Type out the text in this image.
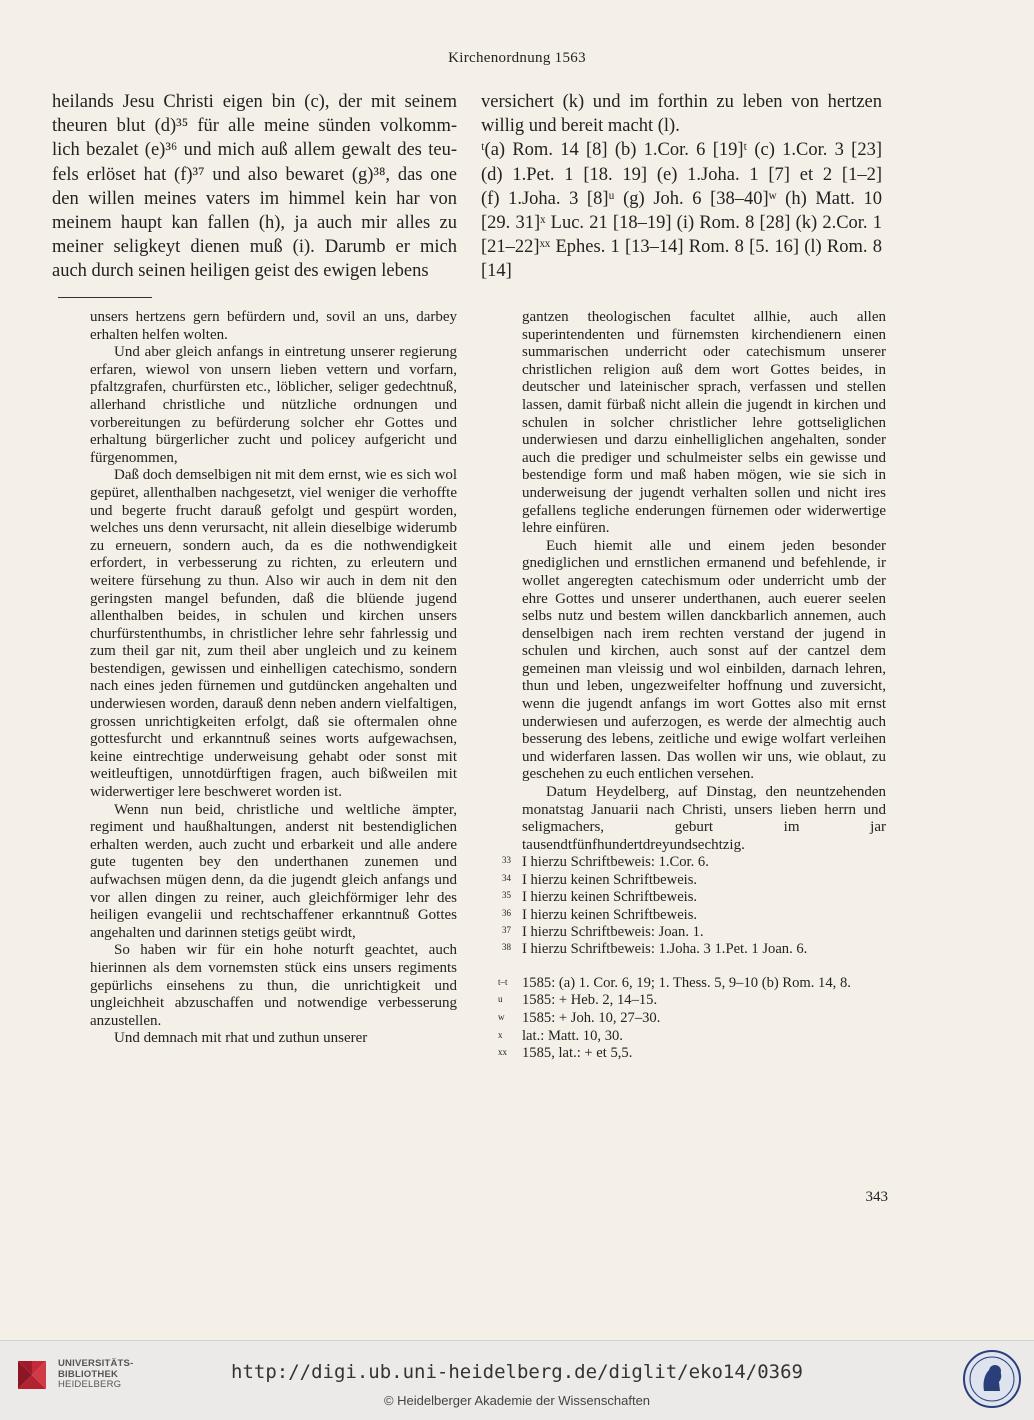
Kirchenordnung 1563
heilands Jesu Christi eigen bin (c), der mit seinem
theuren blut (d)³⁵ für alle meine sünden volkomm-
lich bezalet (e)³⁶ und mich auß allem gewalt des teu-
fels erlöset hat (f)³⁷ und also bewaret (g)³⁸, das one
den willen meines vaters im himmel kein har von
meinem haupt kan fallen (h), ja auch mir alles zu
meiner seligkeyt dienen muß (i). Darumb er mich
auch durch seinen heiligen geist des ewigen lebens
versichert (k) und im forthin zu leben von hertzen
willig und bereit macht (l).
ᵗ(a) Rom. 14 [8] (b) 1.Cor. 6 [19]ᵗ (c) 1.Cor. 3 [23]
(d) 1.Pet. 1 [18. 19] (e) 1.Joha. 1 [7] et 2 [1–2]
(f) 1.Joha. 3 [8]ᵘ (g) Joh. 6 [38–40]ʷ (h) Matt. 10
[29. 31]ˣ Luc. 21 [18–19] (i) Rom. 8 [28] (k) 2.Cor. 1
[21–22]ˣˣ Ephes. 1 [13–14] Rom. 8 [5. 16] (l) Rom. 8
[14]

unsers hertzens gern befürdern und, sovil an uns, darbey erhalten helfen wolten.

Und aber gleich anfangs in eintretung unserer regierung erfaren, wiewol von unsern lieben vettern und vorfarn, pfaltzgrafen, churfürsten etc., löblicher, seliger gedechtnuß, allerhand christliche und nützliche ordnungen und vorbereitungen zu befürderung solcher ehr Gottes und erhaltung bürgerlicher zucht und policey aufgericht und fürgenommen,

Daß doch demselbigen nit mit dem ernst, wie es sich wol gepüret, allenthalben nachgesetzt, viel weniger die verhoffte und begerte frucht darauß gefolgt und gespürt worden, welches uns denn verursacht, nit allein dieselbige widerumb zu erneuern, sondern auch, da es die nothwendigkeit erfordert, in verbesserung zu richten, zu erleutern und weitere fürsehung zu thun. Also wir auch in dem nit den geringsten mangel befunden, daß die blüende jugend allenthalben beides, in schulen und kirchen unsers churfürstenthumbs, in christlicher lehre sehr fahrlessig und zum theil gar nit, zum theil aber ungleich und zu keinem bestendigen, gewissen und einhelligen catechismo, sondern nach eines jeden fürnemen und gutdüncken angehalten und underwiesen worden, darauß denn neben andern vielfaltigen, grossen unrichtigkeiten erfolgt, daß sie oftermalen ohne gottesfurcht und erkanntnuß seines worts aufgewachsen, keine eintrechtige underweisung gehabt oder sonst mit weitleuftigen, unnotdürftigen fragen, auch bißweilen mit widerwertiger lere beschweret worden ist.

Wenn nun beid, christliche und weltliche ämpter, regiment und haußhaltungen, anderst nit bestendiglichen erhalten werden, auch zucht und erbarkeit und alle andere gute tugenten bey den underthanen zunemen und aufwachsen mügen denn, da die jugendt gleich anfangs und vor allen dingen zu reiner, auch gleichförmiger lehr des heiligen evangelii und rechtschaffener erkanntnuß Gottes angehalten und darinnen stetigs geübt wirdt,

So haben wir für ein hohe noturft geachtet, auch hierinnen als dem vornemsten stück eins unsers regiments gepürlichs einsehens zu thun, die unrichtigkeit und ungleichheit abzuschaffen und notwendige verbesserung anzustellen.

Und demnach mit rhat und zuthun unserer

gantzen theologischen facultet allhie, auch allen superintendenten und fürnemsten kirchendienern einen summarischen underricht oder catechismum unserer christlichen religion auß dem wort Gottes beides, in deutscher und lateinischer sprach, verfassen und stellen lassen, damit fürbaß nicht allein die jugendt in kirchen und schulen in solcher christlicher lehre gottseliglichen underwiesen und darzu einhelliglichen angehalten, sonder auch die prediger und schulmeister selbs ein gewisse und bestendige form und maß haben mögen, wie sie sich in underweisung der jugendt verhalten sollen und nicht ires gefallens tegliche enderungen fürnemen oder widerwertige lehre einfüren.

Euch hiemit alle und einem jeden besonder gnediglichen und ernstlichen ermanend und befehlende, ir wollet angeregten catechismum oder underricht umb der ehre Gottes und unserer underthanen, auch euerer seelen selbs nutz und bestem willen danckbarlich annemen, auch denselbigen nach irem rechten verstand der jugend in schulen und kirchen, auch sonst auf der cantzel dem gemeinen man vleissig und wol einbilden, darnach lehren, thun und leben, ungezweifelter hoffnung und zuversicht, wenn die jugendt anfangs im wort Gottes also mit ernst underwiesen und auferzogen, es werde der almechtig auch besserung des lebens, zeitliche und ewige wolfart verleihen und widerfaren lassen. Das wollen wir uns, wie oblaut, zu geschehen zu euch entlichen versehen.

Datum Heydelberg, auf Dinstag, den neuntzehenden monatstag Januarii nach Christi, unsers lieben herrn und seligmachers, geburt im jar tausendtfünfhundertdreyundsechtzig.

33 I hierzu Schriftbeweis: 1.Cor. 6.
34 I hierzu keinen Schriftbeweis.
35 I hierzu keinen Schriftbeweis.
36 I hierzu keinen Schriftbeweis.
37 I hierzu Schriftbeweis: Joan. 1.
38 I hierzu Schriftbeweis: 1.Joha. 3 1.Pet. 1 Joan. 6.
t–t 1585: (a) 1. Cor. 6, 19; 1. Thess. 5, 9–10 (b) Rom. 14, 8.
u	1585: + Heb. 2, 14–15.
w	1585: + Joh. 10, 27–30.
x	lat.: Matt. 10, 30.
xx	1585, lat.: + et 5,5.
343
UNIVERSITÄTS-
BIBLIOTHEK
HEIDELBERG
http://digi.ub.uni-heidelberg.de/diglit/eko14/0369
© Heidelberger Akademie der Wissenschaften
